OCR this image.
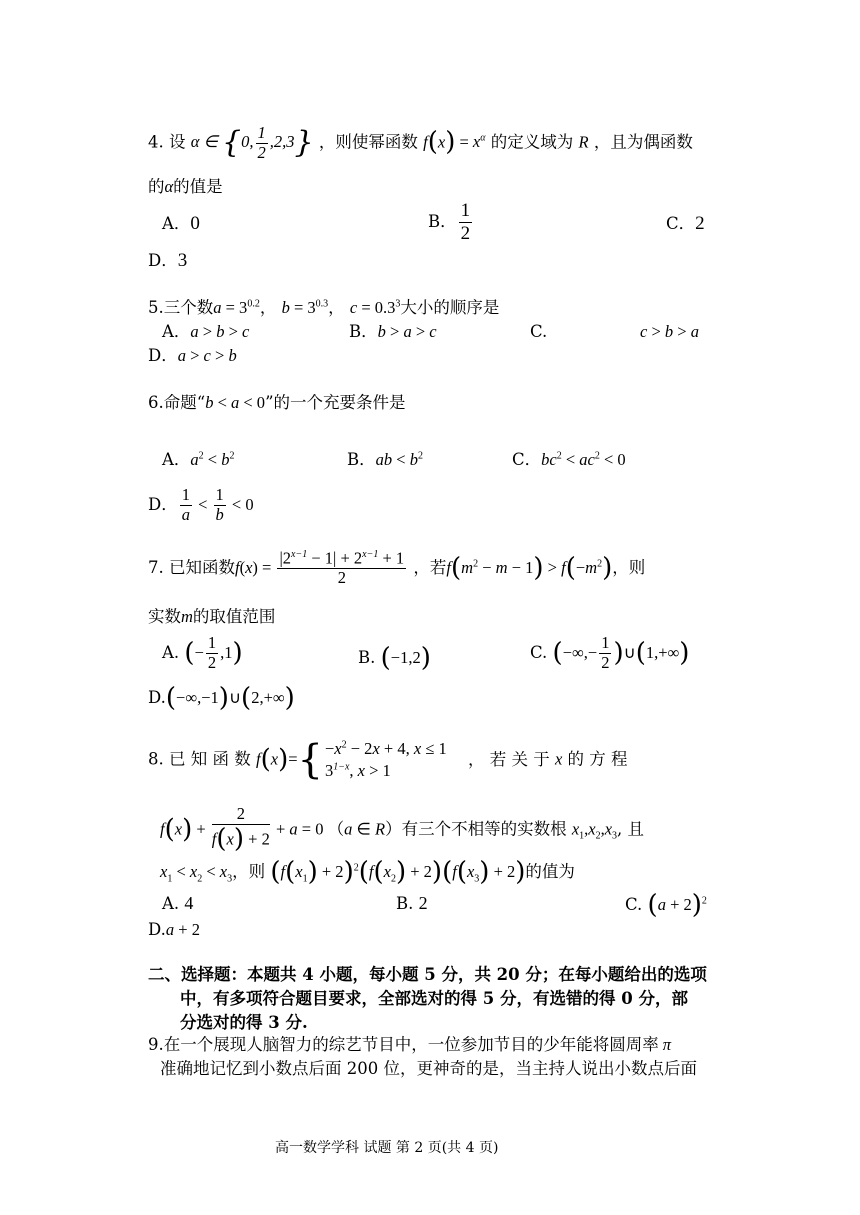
4. 设 α ∈ {0, $\frac{1}{2} ,2,3$} ，则使幂函数 $f(x) = x^\alpha$ 的定义域为 R ，且为偶函数
的α的值是
A．0	B． $\frac{1}{2}$	C．2
D．3
5.三个数$a = 3^{0.2}$， $b = 3^{0.3}$， $c = 0.3^3$大小的顺序是
A．a > b > c	B．b > a > c	C.	c > b > a
D．a > c > b
6.命题“b < a < 0”的一个充要条件是
A．$a^2 < b^2$	B．ab < $b^2$	C．$bc^2 < ac^2 < 0$
D． $\frac{1}{a} < \frac{1}{b} < 0$
7. 已知函数$f(x) = \frac{|2^{x-1} - 1| + 2^{x-1} + 1}{2}$ ，若$f(m^2 - m - 1) > f(-m^2)$，则
实数m的取值范围
A. (− $\frac{1}{2} ,1$)	B. (−1,2)	C. (−∞,− $\frac{1}{2}$ )∪(1,+∞)
D.(−∞,−1)∪(2,+∞)
8. 已 知 函 数 $f(x)=\{ -x^2 - 2x + 4$, x ≤ 1
$3^{1-x}$, x > 1
， 若 关 于 x 的 方 程
$f(x) + \frac{2}{f(x) + 2} + a = 0$ （a ∈ R）有三个不相等的实数根 $x_1,x_2,x_3$, 且
$x_1 < x_2 < x_3$，则 $(f(x_1) + 2)^2(f(x_2) + 2)(f(x_3) + 2)$的值为
A. 4	B. 2	C. $(a + 2)^2$
D.a + 2
二、选择题：本题共 4 小题，每小题 5 分，共 20 分；在每小题给出的选项
中，有多项符合题目要求，全部选对的得 5 分，有选错的得 0 分，部
分选对的得 3 分.
9.在一个展现人脑智力的综艺节目中，一位参加节目的少年能将圆周率 π
准确地记忆到小数点后面 200 位，更神奇的是，当主持人说出小数点后面
高一数学学科 试题 第 2 页(共 4 页)
